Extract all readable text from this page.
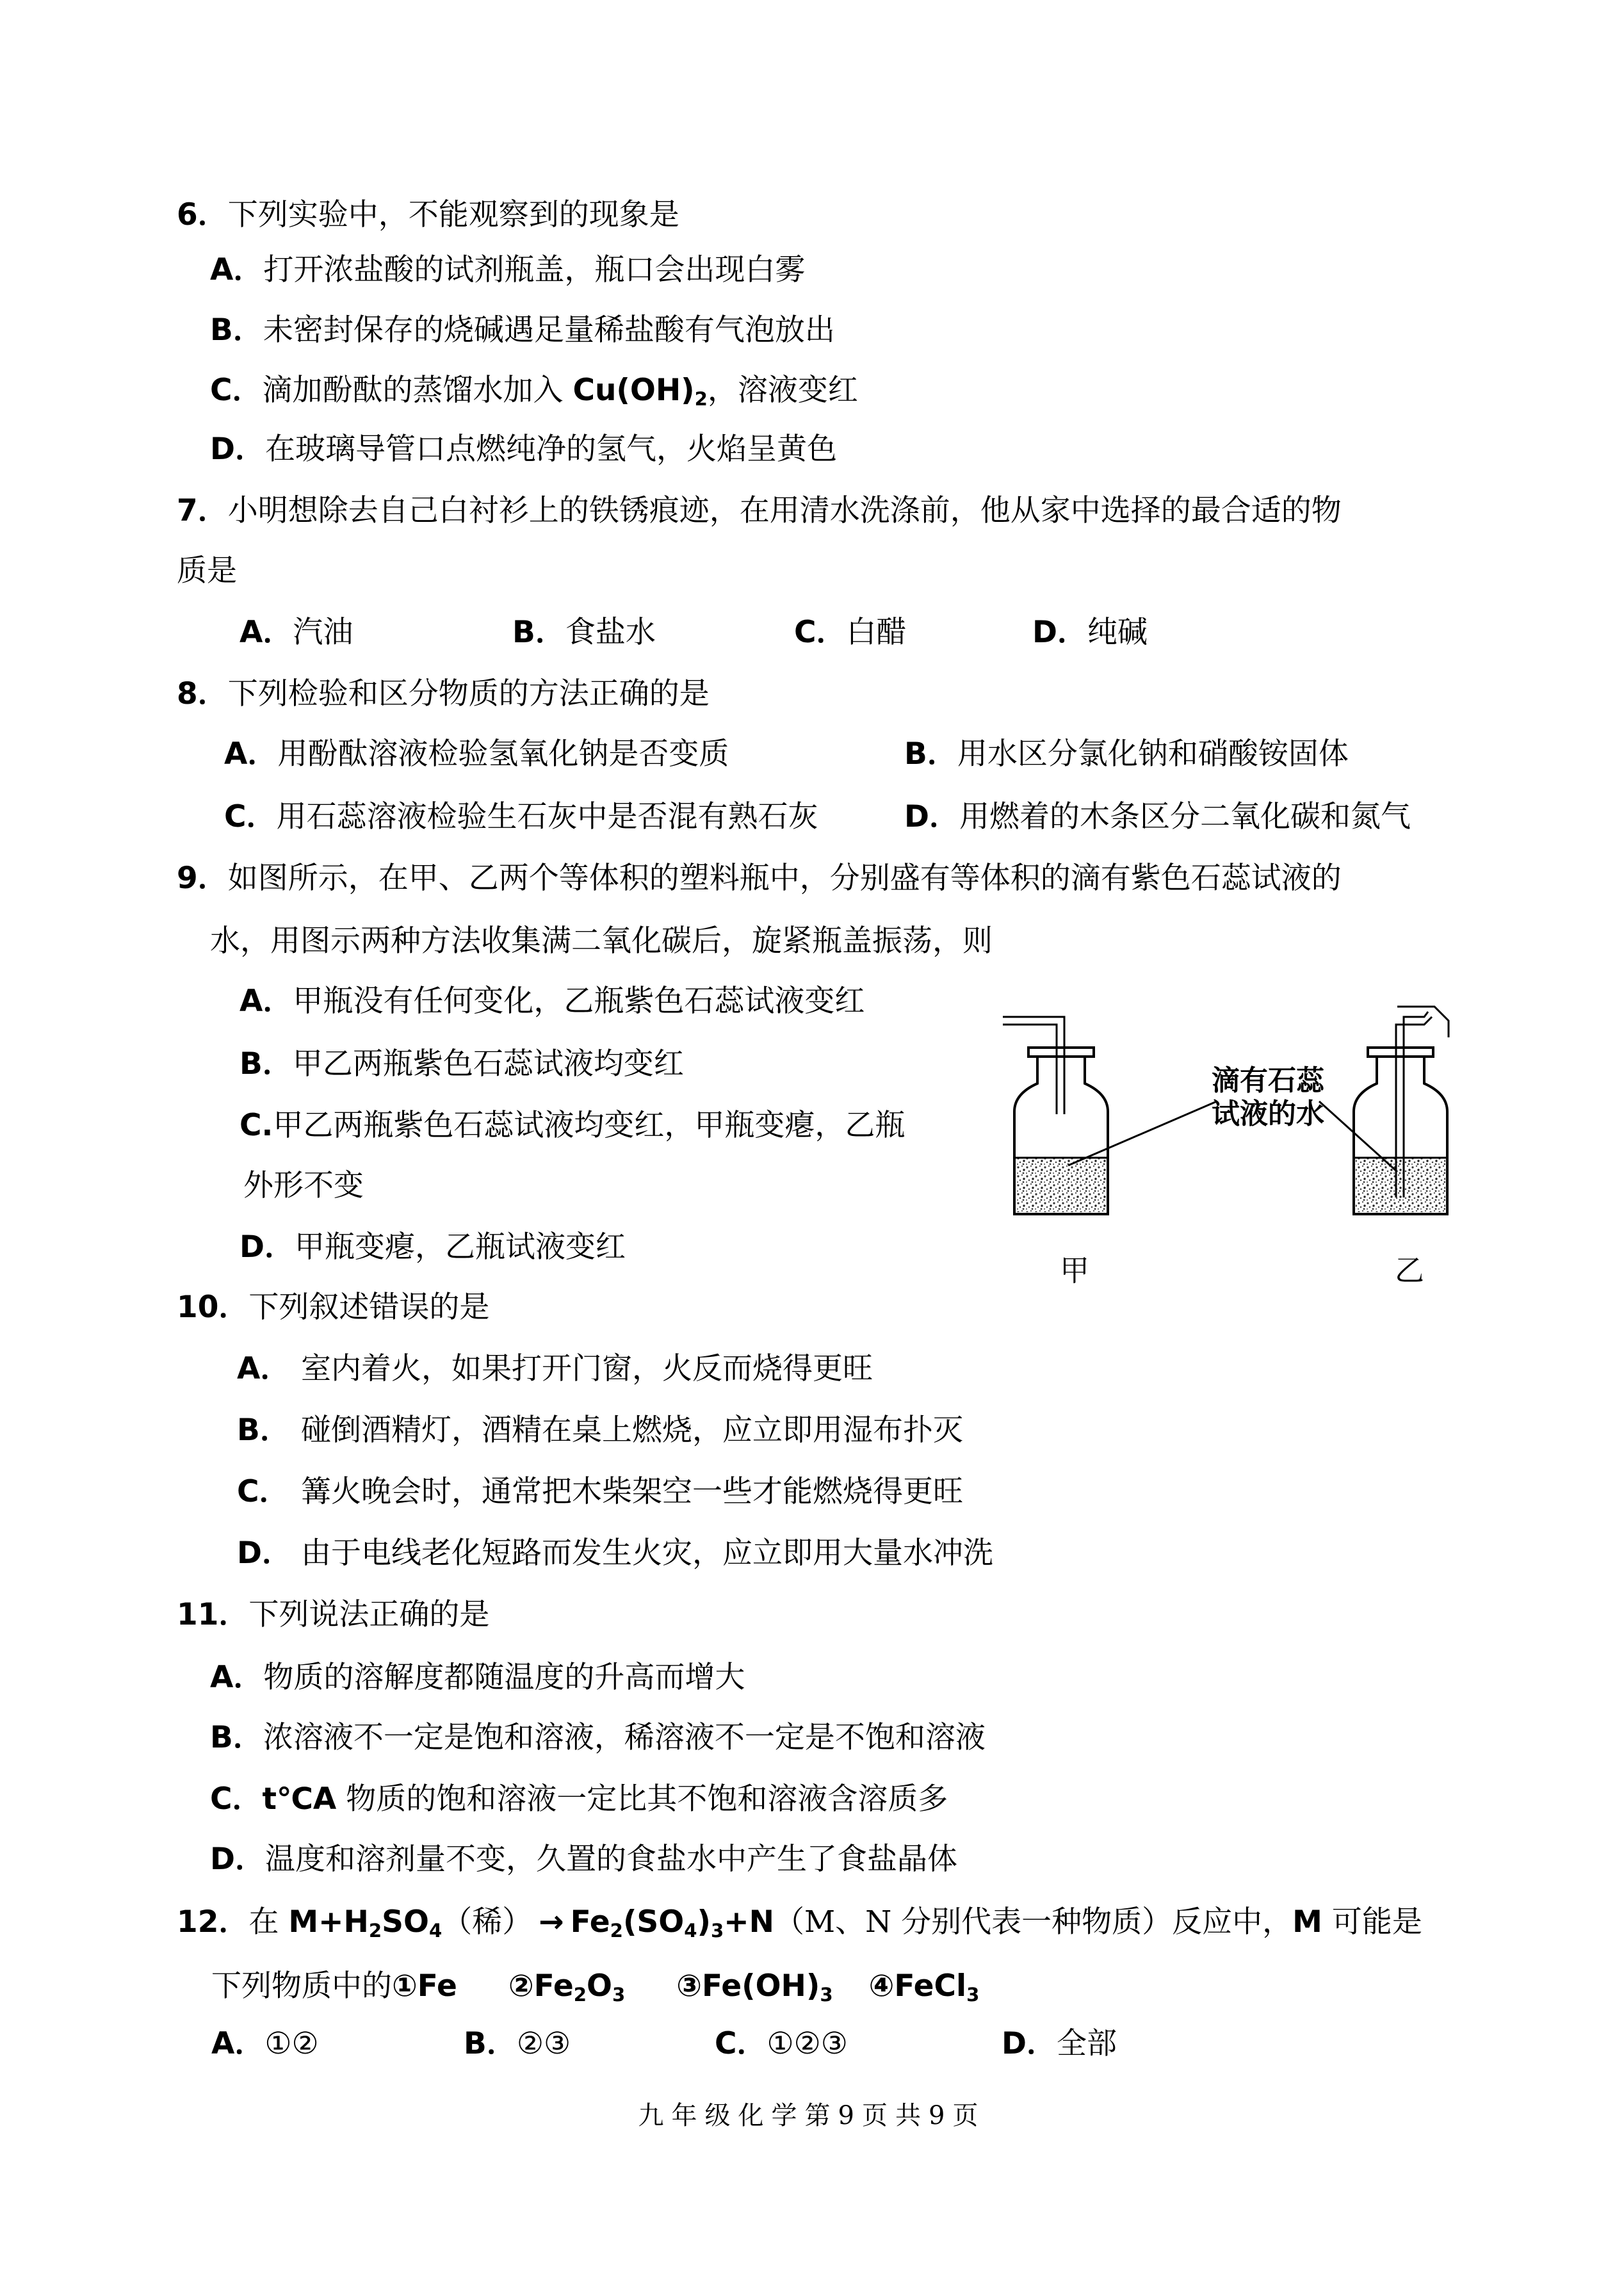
6．下列实验中，不能观察到的现象是
A．打开浓盐酸的试剂瓶盖，瓶口会出现白雾
B．未密封保存的烧碱遇足量稀盐酸有气泡放出
C．滴加酚酞的蒸馏水加入 $Cu(OH)_2$，溶液变红
D．在玻璃导管口点燃纯净的氢气，火焰呈黄色
7．小明想除去自己白衬衫上的铁锈痕迹，在用清水洗涤前，他从家中选择的最合适的物
质是
A．汽油	B．食盐水	C．白醋	D．纯碱
8．下列检验和区分物质的方法正确的是
A．用酚酞溶液检验氢氧化钠是否变质	B．用水区分氯化钠和硝酸铵固体
C．用石蕊溶液检验生石灰中是否混有熟石灰	D．用燃着的木条区分二氧化碳和氮气
9．如图所示，在甲、乙两个等体积的塑料瓶中，分别盛有等体积的滴有紫色石蕊试液的
水，用图示两种方法收集满二氧化碳后，旋紧瓶盖振荡，则
A．甲瓶没有任何变化，乙瓶紫色石蕊试液变红
B．甲乙两瓶紫色石蕊试液均变红
C.甲乙两瓶紫色石蕊试液均变红，甲瓶变瘪，乙瓶
外形不变
D．甲瓶变瘪，乙瓶试液变红
滴有石蕊
试液的水
甲	乙
10．下列叙述错误的是
A． 室内着火，如果打开门窗，火反而烧得更旺
B． 碰倒酒精灯，酒精在桌上燃烧，应立即用湿布扑灭
C． 篝火晚会时，通常把木柴架空一些才能燃烧得更旺
D． 由于电线老化短路而发生火灾，应立即用大量水冲洗
11．下列说法正确的是
A．物质的溶解度都随温度的升高而增大
B．浓溶液不一定是饱和溶液，稀溶液不一定是不饱和溶液
C．t℃A 物质的饱和溶液一定比其不饱和溶液含溶质多
D．温度和溶剂量不变，久置的食盐水中产生了食盐晶体
12．在 $M+H_2SO_4$（稀） → $Fe_2(SO_4)_3+N(M$、N 分别代表一种物质）反应中，M 可能是
下列物质中的①Fe $②Fe_2O_3$ $③Fe(OH)_3$ ④FeCl$_3$
A．①②	B．②③	C．①②③	D．全部
九年级化学第9页共9页
